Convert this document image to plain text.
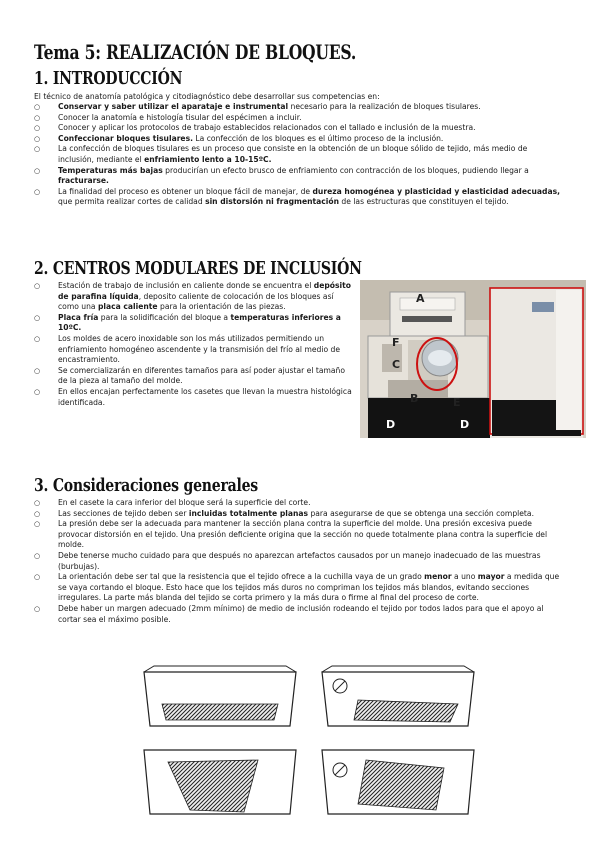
Tema 5: REALIZACIÓN DE BLOQUES.
1. INTRODUCCIÓN
El técnico de anatomía patológica y citodiagnóstico debe desarrollar sus competencias en:
○ Conservar y saber utilizar el aparataje e instrumental necesario para la realización de bloques tisulares.
○ Conocer la anatomía e histología tisular del espécimen a incluir.
○ Conocer y aplicar los protocolos de trabajo establecidos relacionados con el tallado e inclusión de la muestra.
○ Confeccionar bloques tisulares. La confección de los bloques es el último proceso de la inclusión.
○ La confección de bloques tisulares es un proceso que consiste en la obtención de un bloque sólido de tejido, más medio de inclusión, mediante el enfriamiento lento a 10-15ºC.
○ Temperaturas más bajas producirían un efecto brusco de enfriamiento con contracción de los bloques, pudiendo llegar a fracturarse.
○ La finalidad del proceso es obtener un bloque fácil de manejar, de dureza homogénea y plasticidad y elasticidad adecuadas, que permita realizar cortes de calidad sin distorsión ni fragmentación de las estructuras que constituyen el tejido.
2. CENTROS MODULARES DE INCLUSIÓN
○ Estación de trabajo de inclusión en caliente donde se encuentra el depósito de parafina líquida, deposito caliente de colocación de los bloques así como una placa caliente para la orientación de las piezas.
○ Placa fría para la solidificación del bloque a temperaturas inferiores a 10ºC.
○ Los moldes de acero inoxidable son los más utilizados permitiendo un enfriamiento homogéneo ascendente y la transmisión del frío al medio de encastramiento.
○ Se comercializarán en diferentes tamaños para así poder ajustar el tamaño de la pieza al tamaño del molde.
○ En ellos encajan perfectamente los casetes que llevan la muestra histológica identificada.
A
F
C
B	E
D	D
3. Consideraciones generales
○ En el casete la cara inferior del bloque será la superficie del corte.
○ Las secciones de tejido deben ser incluidas totalmente planas para asegurarse de que se obtenga una sección completa.
○ La presión debe ser la adecuada para mantener la sección plana contra la superficie del molde. Una presión excesiva puede provocar distorsión en el tejido. Una presión deficiente origina que la sección no quede totalmente plana contra la superficie del molde.
○ Debe tenerse mucho cuidado para que después no aparezcan artefactos causados por un manejo inadecuado de las muestras (burbujas).
○ La orientación debe ser tal que la resistencia que el tejido ofrece a la cuchilla vaya de un grado menor a uno mayor a medida que se vaya cortando el bloque. Esto hace que los tejidos más duros no compriman los tejidos más blandos, evitando secciones irregulares. La parte más blanda del tejido se corta primero y la más dura o firme al final del proceso de corte.
○ Debe haber un margen adecuado (2mm mínimo) de medio de inclusión rodeando el tejido por todos lados para que el apoyo al cortar sea el máximo posible.
